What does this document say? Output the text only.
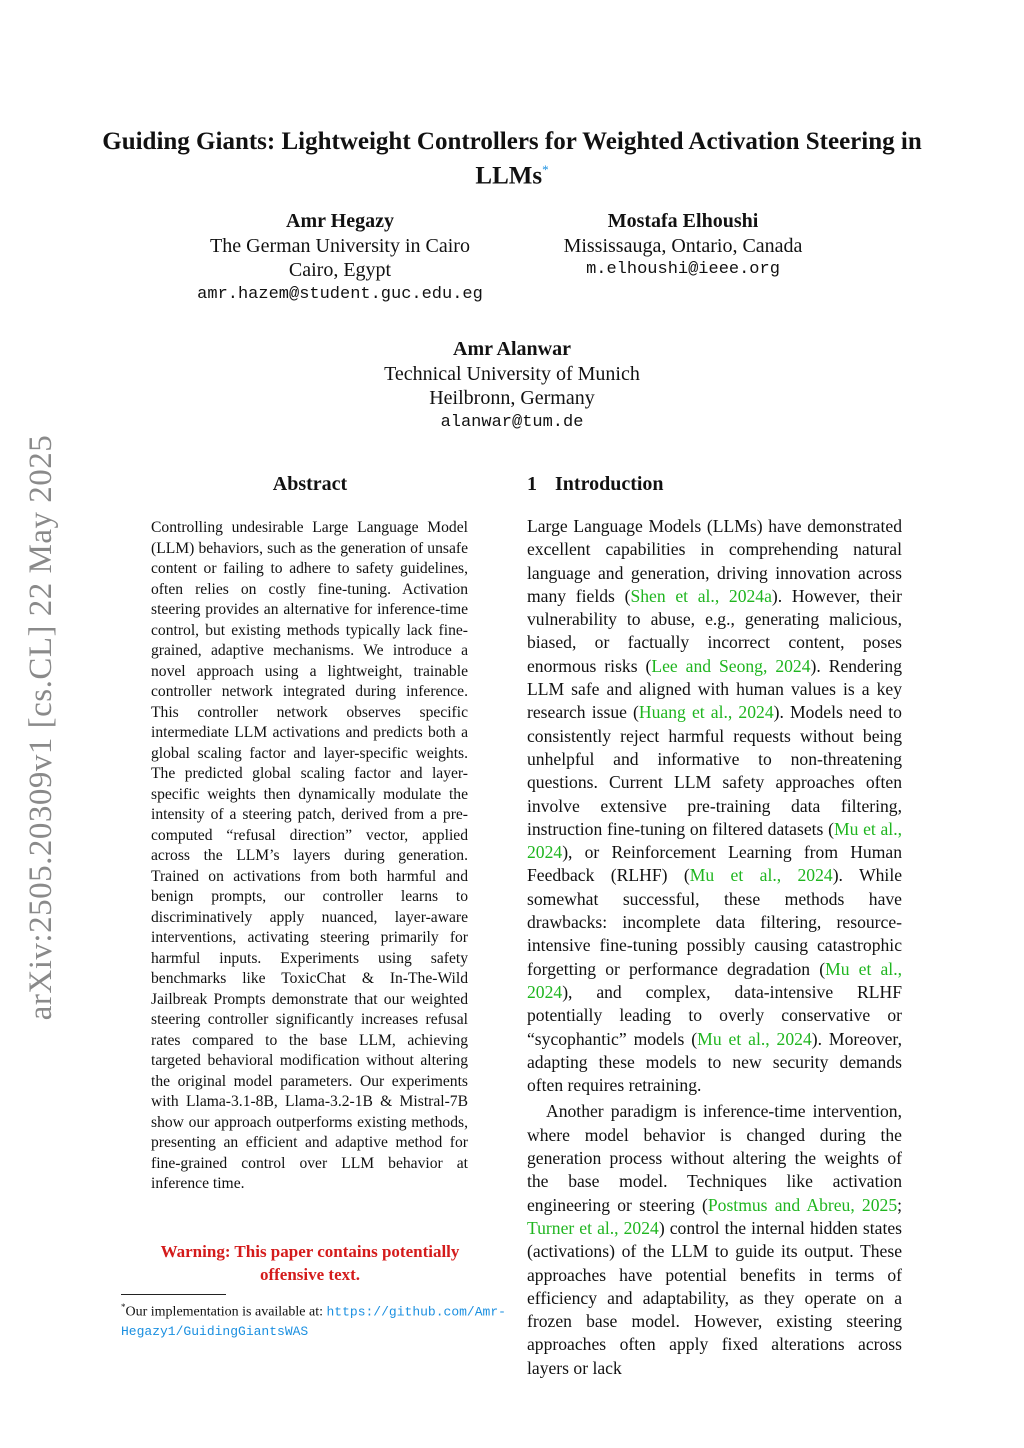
arXiv:2505.20309v1 [cs.CL] 22 May 2025
Guiding Giants: Lightweight Controllers for Weighted Activation Steering in LLMs*
Amr Hegazy
The German University in Cairo
Cairo, Egypt
amr.hazem@student.guc.edu.eg
Mostafa Elhoushi
Mississauga, Ontario, Canada
m.elhoushi@ieee.org
Amr Alanwar
Technical University of Munich
Heilbronn, Germany
alanwar@tum.de
Abstract
Controlling undesirable Large Language Model (LLM) behaviors, such as the generation of unsafe content or failing to adhere to safety guidelines, often relies on costly fine-tuning. Activation steering provides an alternative for inference-time control, but existing methods typically lack fine-grained, adaptive mechanisms. We introduce a novel approach using a lightweight, trainable controller network integrated during inference. This controller network observes specific intermediate LLM activations and predicts both a global scaling factor and layer-specific weights. The predicted global scaling factor and layer-specific weights then dynamically modulate the intensity of a steering patch, derived from a pre-computed “refusal direction” vector, applied across the LLM’s layers during generation. Trained on activations from both harmful and benign prompts, our controller learns to discriminatively apply nuanced, layer-aware interventions, activating steering primarily for harmful inputs. Experiments using safety benchmarks like ToxicChat & In-The-Wild Jailbreak Prompts demonstrate that our weighted steering controller significantly increases refusal rates compared to the base LLM, achieving targeted behavioral modification without altering the original model parameters. Our experiments with Llama-3.1-8B, Llama-3.2-1B & Mistral-7B show our approach outperforms existing methods, presenting an efficient and adaptive method for fine-grained control over LLM behavior at inference time.
Warning: This paper contains potentially offensive text.
*Our implementation is available at: https://github.com/Amr-Hegazy1/GuidingGiantsWAS
1 Introduction

Large Language Models (LLMs) have demonstrated excellent capabilities in comprehending natural language and generation, driving innovation across many fields (Shen et al., 2024a). However, their vulnerability to abuse, e.g., generating malicious, biased, or factually incorrect content, poses enormous risks (Lee and Seong, 2024). Rendering LLM safe and aligned with human values is a key research issue (Huang et al., 2024). Models need to consistently reject harmful requests without being unhelpful and informative to non-threatening questions. Current LLM safety approaches often involve extensive pre-training data filtering, instruction fine-tuning on filtered datasets (Mu et al., 2024), or Reinforcement Learning from Human Feedback (RLHF) (Mu et al., 2024). While somewhat successful, these methods have drawbacks: incomplete data filtering, resource-intensive fine-tuning possibly causing catastrophic forgetting or performance degradation (Mu et al., 2024), and complex, data-intensive RLHF potentially leading to overly conservative or “sycophantic” models (Mu et al., 2024). Moreover, adapting these models to new security demands often requires retraining.

Another paradigm is inference-time intervention, where model behavior is changed during the generation process without altering the weights of the base model. Techniques like activation engineering or steering (Postmus and Abreu, 2025; Turner et al., 2024) control the internal hidden states (activations) of the LLM to guide its output. These approaches have potential benefits in terms of efficiency and adaptability, as they operate on a frozen base model. However, existing steering approaches often apply fixed alterations across layers or lack
